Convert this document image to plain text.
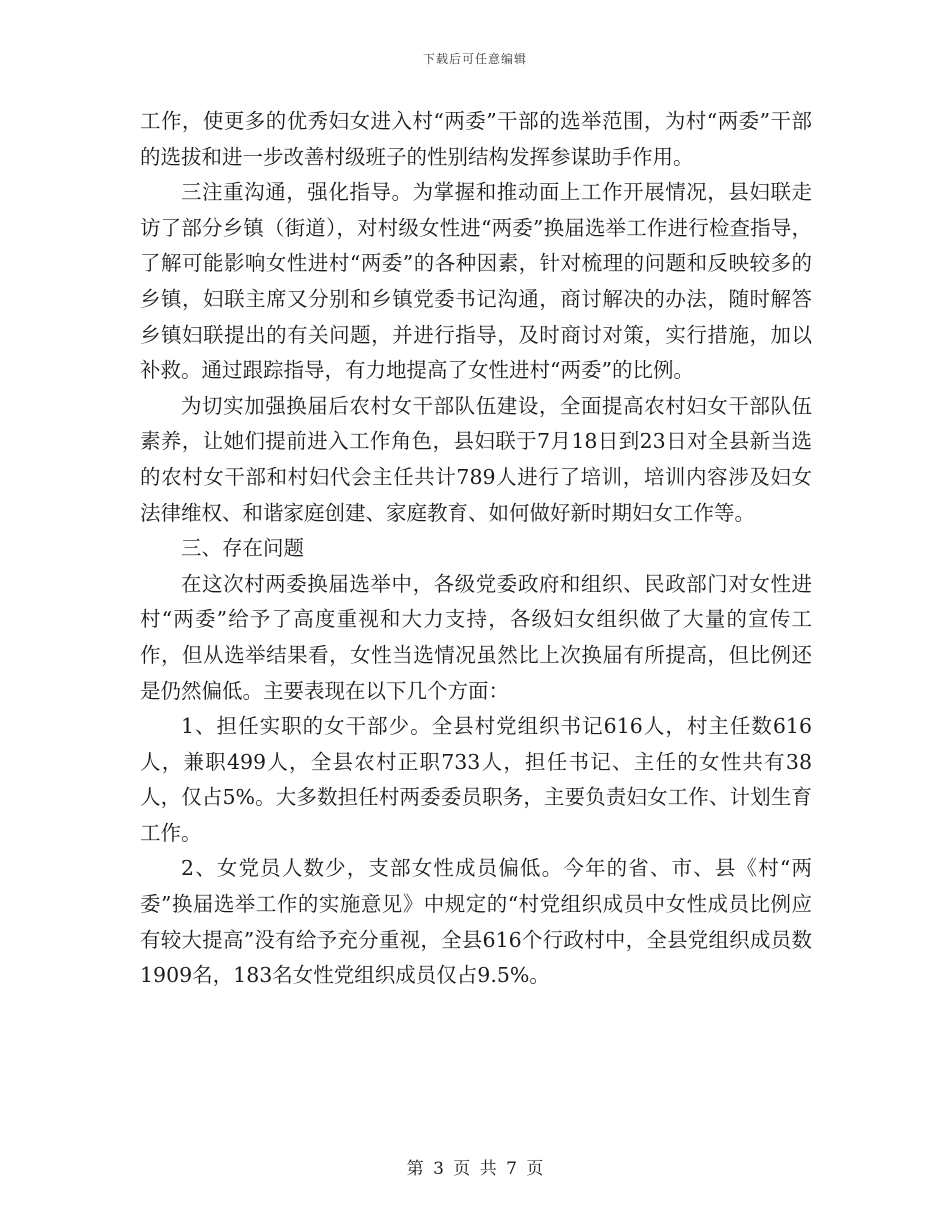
下载后可任意编辑

工作，使更多的优秀妇女进入村“两委”干部的选举范围，为村“两委”干部的选拔和进一步改善村级班子的性别结构发挥参谋助手作用。

三注重沟通，强化指导。为掌握和推动面上工作开展情况，县妇联走访了部分乡镇（街道），对村级女性进“两委”换届选举工作进行检查指导，了解可能影响女性进村“两委”的各种因素，针对梳理的问题和反映较多的乡镇，妇联主席又分别和乡镇党委书记沟通，商讨解决的办法，随时解答乡镇妇联提出的有关问题，并进行指导，及时商讨对策，实行措施，加以补救。通过跟踪指导，有力地提高了女性进村“两委”的比例。

为切实加强换届后农村女干部队伍建设，全面提高农村妇女干部队伍素养，让她们提前进入工作角色，县妇联于7月18日到23日对全县新当选的农村女干部和村妇代会主任共计789人进行了培训，培训内容涉及妇女法律维权、和谐家庭创建、家庭教育、如何做好新时期妇女工作等。

三、存在问题

在这次村两委换届选举中，各级党委政府和组织、民政部门对女性进村“两委”给予了高度重视和大力支持，各级妇女组织做了大量的宣传工作，但从选举结果看，女性当选情况虽然比上次换届有所提高，但比例还是仍然偏低。主要表现在以下几个方面：

1、担任实职的女干部少。全县村党组织书记616人，村主任数616人，兼职499人，全县农村正职733人，担任书记、主任的女性共有38人，仅占5%。大多数担任村两委委员职务，主要负责妇女工作、计划生育工作。

2、女党员人数少，支部女性成员偏低。今年的省、市、县《村“两委”换届选举工作的实施意见》中规定的“村党组织成员中女性成员比例应有较大提高”没有给予充分重视，全县616个行政村中，全县党组织成员数1909名，183名女性党组织成员仅占9.5%。

第 3 页 共 7 页
